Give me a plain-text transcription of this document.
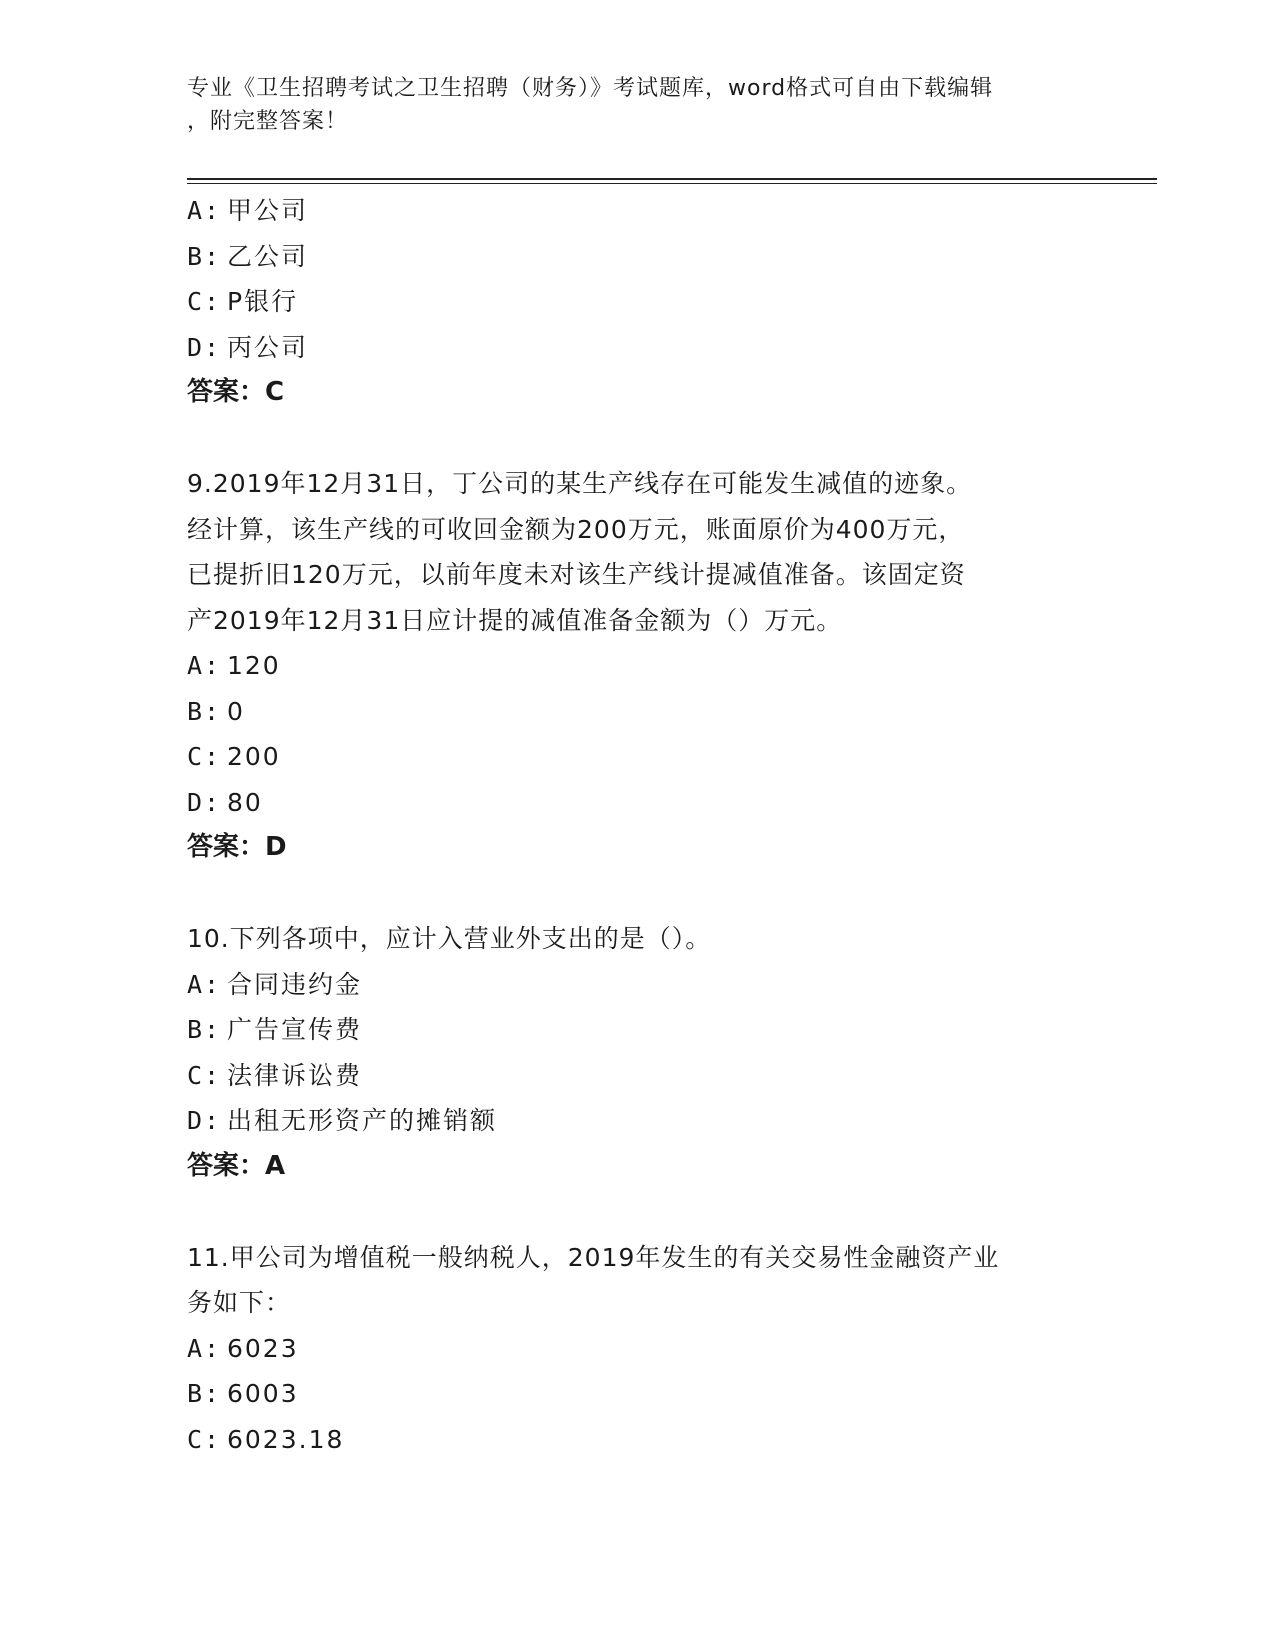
专业《卫生招聘考试之卫生招聘（财务）》考试题库，word格式可自由下载编辑
，附完整答案！
A: 甲公司
B: 乙公司
C: P银行
D: 丙公司
答案：C
9.2019年12月31日，丁公司的某生产线存在可能发生减值的迹象。
经计算，该生产线的可收回金额为200万元，账面原价为400万元，
已提折旧120万元，以前年度未对该生产线计提减值准备。该固定资
产2019年12月31日应计提的减值准备金额为（）万元。
A: 120
B: 0
C: 200
D: 80
答案：D
10.下列各项中，应计入营业外支出的是（）。
A: 合同违约金
B: 广告宣传费
C: 法律诉讼费
D: 出租无形资产的摊销额
答案：A
11.甲公司为增值税一般纳税人，2019年发生的有关交易性金融资产业
务如下：
A: 6023
B: 6003
C: 6023.18
